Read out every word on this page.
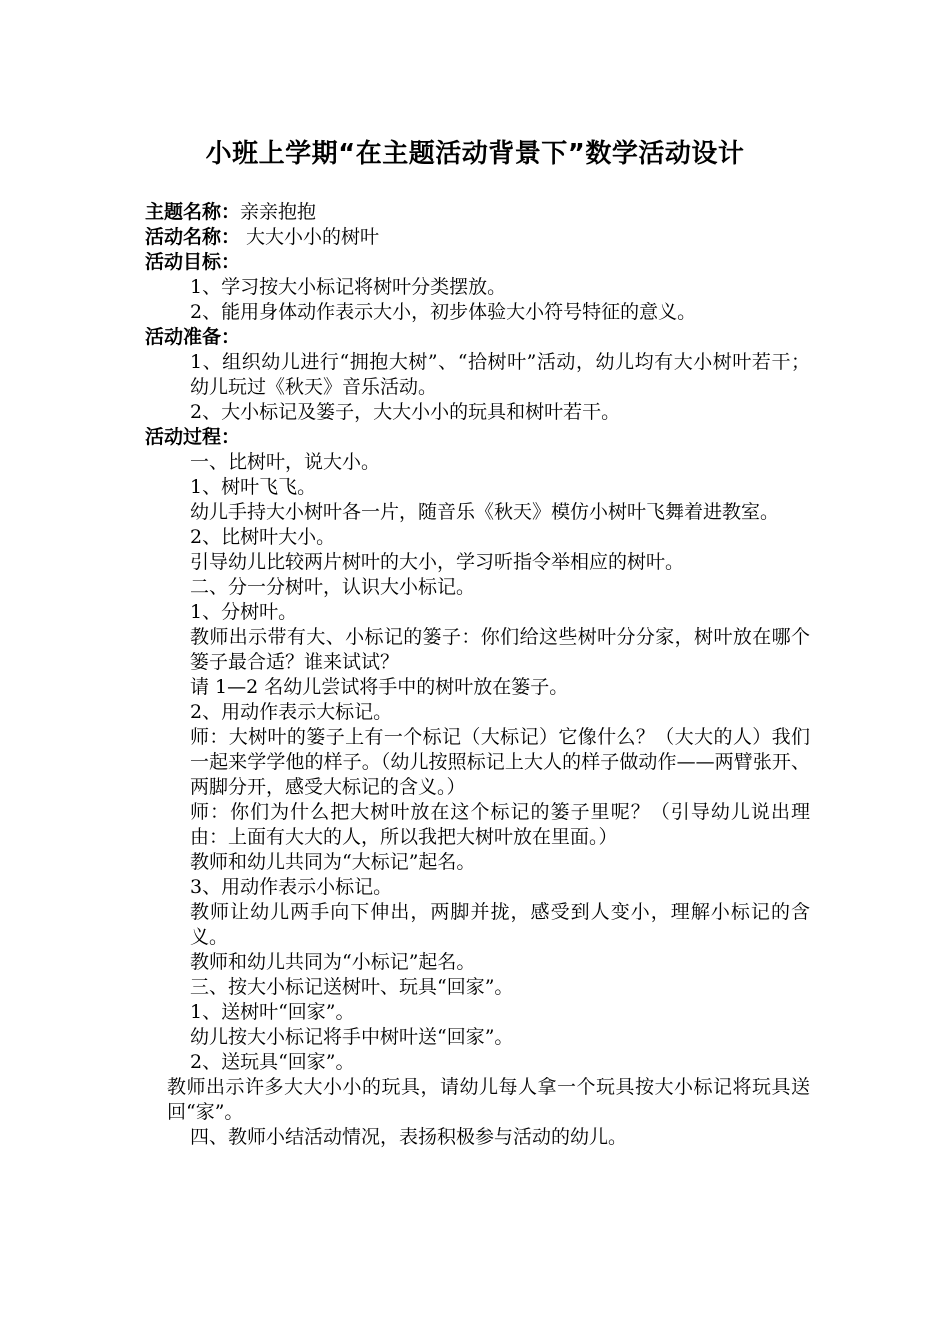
小班上学期“在主题活动背景下”数学活动设计

主题名称：亲亲抱抱

活动名称： 大大小小的树叶

活动目标：

1、学习按大小标记将树叶分类摆放。

2、能用身体动作表示大小，初步体验大小符号特征的意义。

活动准备：

1、组织幼儿进行“拥抱大树”、“拾树叶”活动，幼儿均有大小树叶若干；幼儿玩过《秋天》音乐活动。

2、大小标记及篓子，大大小小的玩具和树叶若干。

活动过程：

一、比树叶，说大小。

1、树叶飞飞。

幼儿手持大小树叶各一片，随音乐《秋天》模仿小树叶飞舞着进教室。

2、比树叶大小。

引导幼儿比较两片树叶的大小，学习听指令举相应的树叶。

二、分一分树叶，认识大小标记。

1、分树叶。

教师出示带有大、小标记的篓子：你们给这些树叶分分家，树叶放在哪个篓子最合适？谁来试试？

请 1—2 名幼儿尝试将手中的树叶放在篓子。

2、用动作表示大标记。

师：大树叶的篓子上有一个标记（大标记）它像什么？（大大的人）我们一起来学学他的样子。（幼儿按照标记上大人的样子做动作——两臂张开、两脚分开，感受大标记的含义。）

师：你们为什么把大树叶放在这个标记的篓子里呢？（引导幼儿说出理由：上面有大大的人，所以我把大树叶放在里面。）

教师和幼儿共同为“大标记”起名。

3、用动作表示小标记。

教师让幼儿两手向下伸出，两脚并拢，感受到人变小，理解小标记的含义。

教师和幼儿共同为“小标记”起名。

三、按大小标记送树叶、玩具“回家”。

1、送树叶“回家”。

幼儿按大小标记将手中树叶送“回家”。

2、送玩具“回家”。

教师出示许多大大小小的玩具，请幼儿每人拿一个玩具按大小标记将玩具送回“家”。

四、教师小结活动情况，表扬积极参与活动的幼儿。
